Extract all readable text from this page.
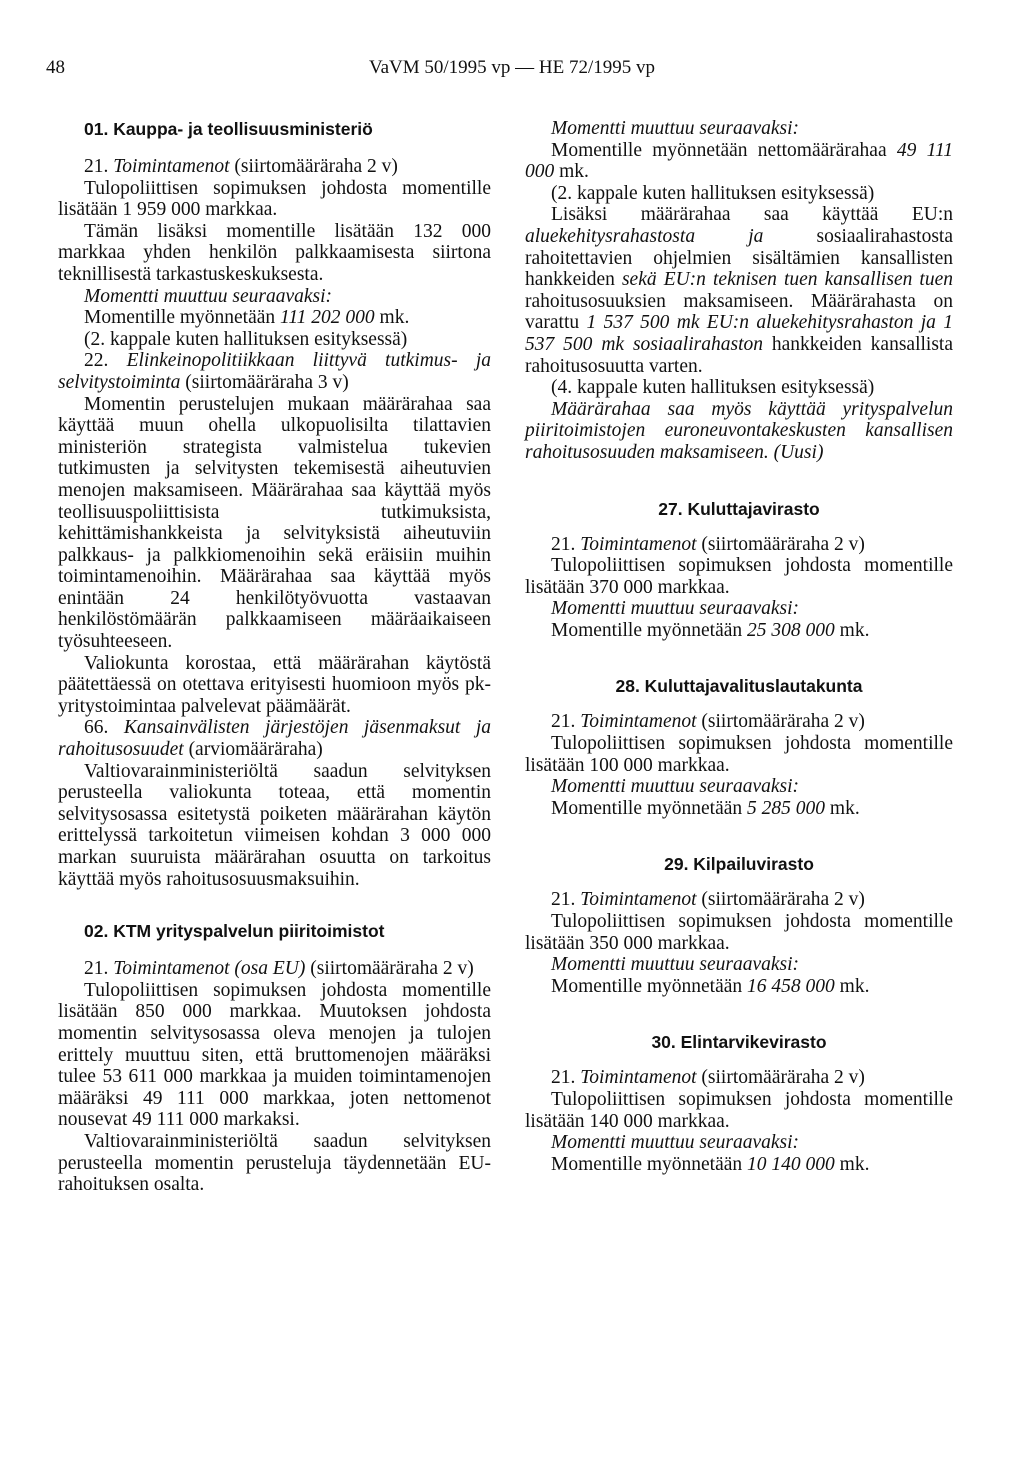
48	VaVM 50/1995 vp — HE 72/1995 vp
01. Kauppa- ja teollisuusministeriö

21. Toimintamenot (siirtomääräraha 2 v)

Tulopoliittisen sopimuksen johdosta momentille lisätään 1 959 000 markkaa.

Tämän lisäksi momentille lisätään 132 000 markkaa yhden henkilön palkkaamisesta siirtona teknillisestä tarkastuskeskuksesta.

Momentti muuttuu seuraavaksi:

Momentille myönnetään 111 202 000 mk.

(2. kappale kuten hallituksen esityksessä)

22. Elinkeinopolitiikkaan liittyvä tutkimus- ja selvitystoiminta (siirtomääräraha 3 v)

Momentin perustelujen mukaan määrärahaa saa käyttää muun ohella ulkopuolisilta tilattavien ministeriön strategista valmistelua tukevien tutkimusten ja selvitysten tekemisestä aiheutuvien menojen maksamiseen. Määrärahaa saa käyttää myös teollisuuspoliittisista tutkimuksista, kehittämishankkeista ja selvityksistä aiheutuviin palkkaus- ja palkkiomenoihin sekä eräisiin muihin toimintamenoihin. Määrärahaa saa käyttää myös enintään 24 henkilötyövuotta vastaavan henkilöstömäärän palkkaamiseen määräaikaiseen työsuhteeseen.

Valiokunta korostaa, että määrärahan käytöstä päätettäessä on otettava erityisesti huomioon myös pk-yritystoimintaa palvelevat päämäärät.

66. Kansainvälisten järjestöjen jäsenmaksut ja rahoitusosuudet (arviomääräraha)

Valtiovarainministeriöltä saadun selvityksen perusteella valiokunta toteaa, että momentin selvitysosassa esitetystä poiketen määrärahan käytön erittelyssä tarkoitetun viimeisen kohdan 3 000 000 markan suuruista määrärahan osuutta on tarkoitus käyttää myös rahoitusosuusmaksuihin.

02. KTM yrityspalvelun piiritoimistot

21. Toimintamenot (osa EU) (siirtomääräraha 2 v)

Tulopoliittisen sopimuksen johdosta momentille lisätään 850 000 markkaa. Muutoksen johdosta momentin selvitysosassa oleva menojen ja tulojen erittely muuttuu siten, että bruttomenojen määräksi tulee 53 611 000 markkaa ja muiden toimintamenojen määräksi 49 111 000 markkaa, joten nettomenot nousevat 49 111 000 markaksi.

Valtiovarainministeriöltä saadun selvityksen perusteella momentin perusteluja täydennetään EU-rahoituksen osalta.

Momentti muuttuu seuraavaksi:

Momentille myönnetään nettomäärärahaa 49 111 000 mk.

(2. kappale kuten hallituksen esityksessä)

Lisäksi määrärahaa saa käyttää EU:n aluekehitysrahastosta ja	sosiaalirahastosta rahoitettavien ohjelmien sisältämien kansallisten hankkeiden sekä EU:n teknisen tuen kansallisen tuen rahoitusosuuksien maksamiseen. Määrärahasta on varattu 1 537 500 mk EU:n aluekehitysrahaston ja 1 537 500 mk sosiaalirahaston hankkeiden kansallista rahoitusosuutta varten.

(4. kappale kuten hallituksen esityksessä)

Määrärahaa saa myös käyttää yrityspalvelun piiritoimistojen euroneuvontakeskusten kansallisen rahoitusosuuden maksamiseen. (Uusi)

27. Kuluttajavirasto

21. Toimintamenot (siirtomääräraha 2 v)

Tulopoliittisen sopimuksen johdosta momentille lisätään 370 000 markkaa.

Momentti muuttuu seuraavaksi:

Momentille myönnetään 25 308 000 mk.

28. Kuluttajavalituslautakunta

21. Toimintamenot (siirtomääräraha 2 v)

Tulopoliittisen sopimuksen johdosta momentille lisätään 100 000 markkaa.

Momentti muuttuu seuraavaksi:

Momentille myönnetään 5 285 000 mk.

29. Kilpailuvirasto

21. Toimintamenot (siirtomääräraha 2 v)

Tulopoliittisen sopimuksen johdosta momentille lisätään 350 000 markkaa.

Momentti muuttuu seuraavaksi:

Momentille myönnetään 16 458 000 mk.

30. Elintarvikevirasto

21. Toimintamenot (siirtomääräraha 2 v)

Tulopoliittisen sopimuksen johdosta momentille lisätään 140 000 markkaa.

Momentti muuttuu seuraavaksi:

Momentille myönnetään 10 140 000 mk.
